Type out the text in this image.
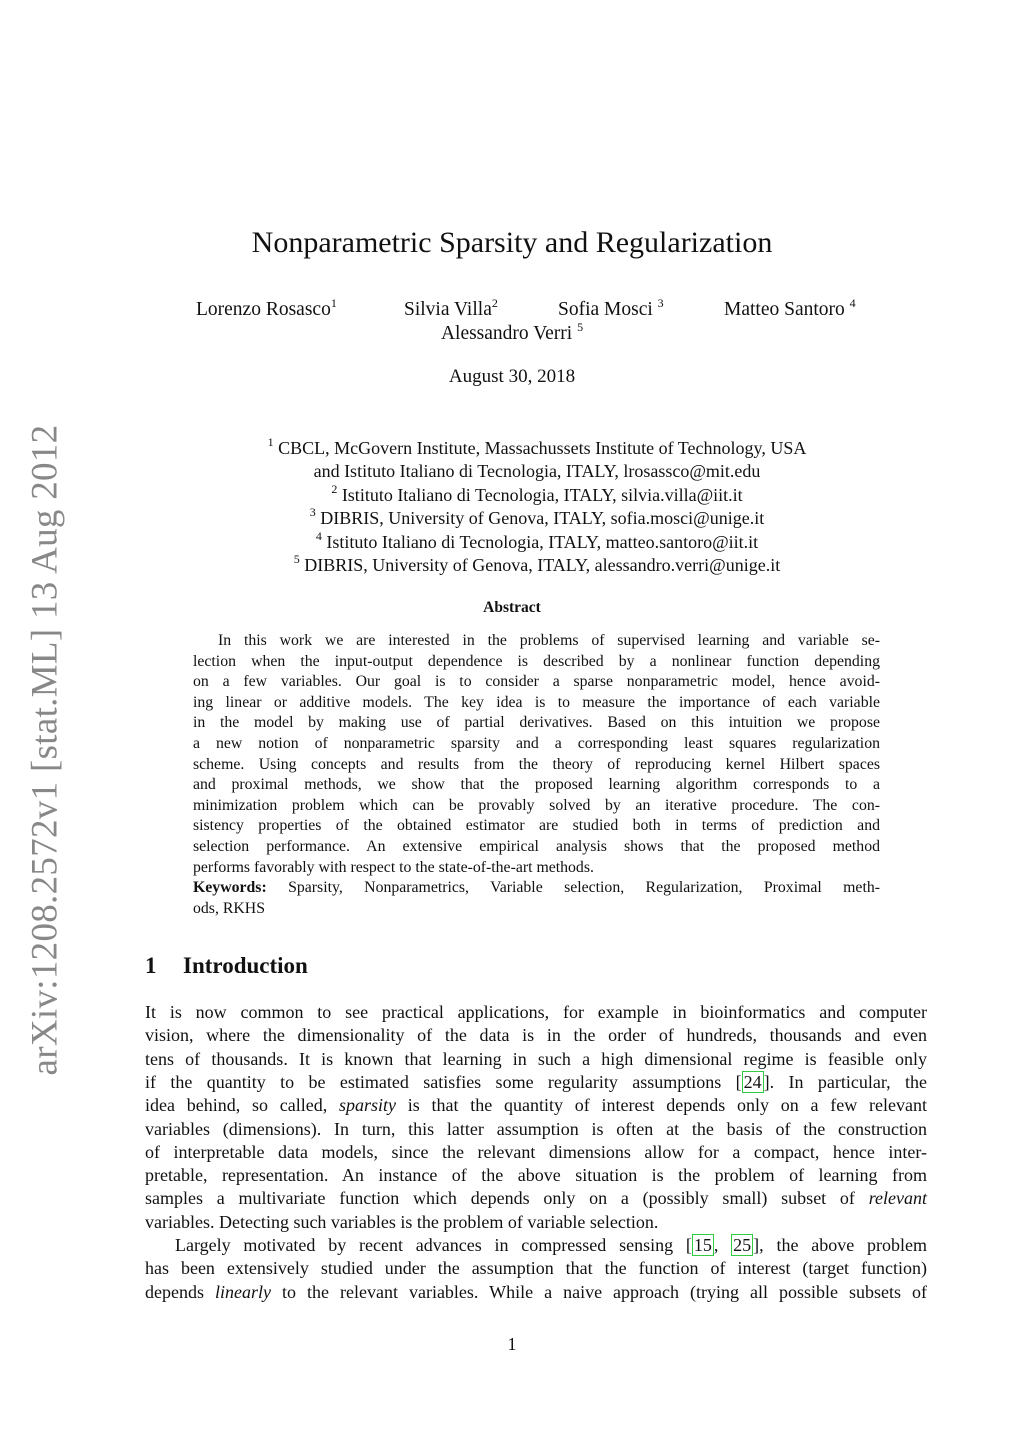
arXiv:1208.2572v1 [stat.ML] 13 Aug 2012
Nonparametric Sparsity and Regularization
Lorenzo Rosasco$^1$	Silvia Villa$^2$	Sofia Mosci $^3$	Matteo Santoro $^4$
Alessandro Verri $^5$
August 30, 2018
$^1$ CBCL, McGovern Institute, Massachussets Institute of Technology, USA
and Istituto Italiano di Tecnologia, ITALY, lrosassco@mit.edu
$^2$ Istituto Italiano di Tecnologia, ITALY, silvia.villa@iit.it
$^3$ DIBRIS, University of Genova, ITALY, sofia.mosci@unige.it
$^4$ Istituto Italiano di Tecnologia, ITALY, matteo.santoro@iit.it
$^5$ DIBRIS, University of Genova, ITALY, alessandro.verri@unige.it
Abstract
In this work we are interested in the problems of supervised learning and variable se-
lection when the input-output dependence is described by a nonlinear function depending
on a few variables. Our goal is to consider a sparse nonparametric model, hence avoid-
ing linear or additive models. The key idea is to measure the importance of each variable
in the model by making use of partial derivatives. Based on this intuition we propose
a new notion of nonparametric sparsity and a corresponding least squares regularization
scheme. Using concepts and results from the theory of reproducing kernel Hilbert spaces
and proximal methods, we show that the proposed learning algorithm corresponds to a
minimization problem which can be provably solved by an iterative procedure. The con-
sistency properties of the obtained estimator are studied both in terms of prediction and
selection performance. An extensive empirical analysis shows that the proposed method
performs favorably with respect to the state-of-the-art methods.
Keywords: Sparsity, Nonparametrics, Variable selection, Regularization, Proximal meth-
ods, RKHS
1 Introduction
It is now common to see practical applications, for example in bioinformatics and computer
vision, where the dimensionality of the data is in the order of hundreds, thousands and even
tens of thousands. It is known that learning in such a high dimensional regime is feasible only
if the quantity to be estimated satisfies some regularity assumptions [ 24 ]. In particular, the
idea behind, so called, sparsity is that the quantity of interest depends only on a few relevant
variables (dimensions). In turn, this latter assumption is often at the basis of the construction
of interpretable data models, since the relevant dimensions allow for a compact, hence inter-
pretable, representation. An instance of the above situation is the problem of learning from
samples a multivariate function which depends only on a (possibly small) subset of relevant
variables. Detecting such variables is the problem of variable selection.
Largely motivated by recent advances in compressed sensing [ 15 , 25 ], the above problem
has been extensively studied under the assumption that the function of interest (target function)
depends linearly to the relevant variables. While a naive approach (trying all possible subsets of
1
